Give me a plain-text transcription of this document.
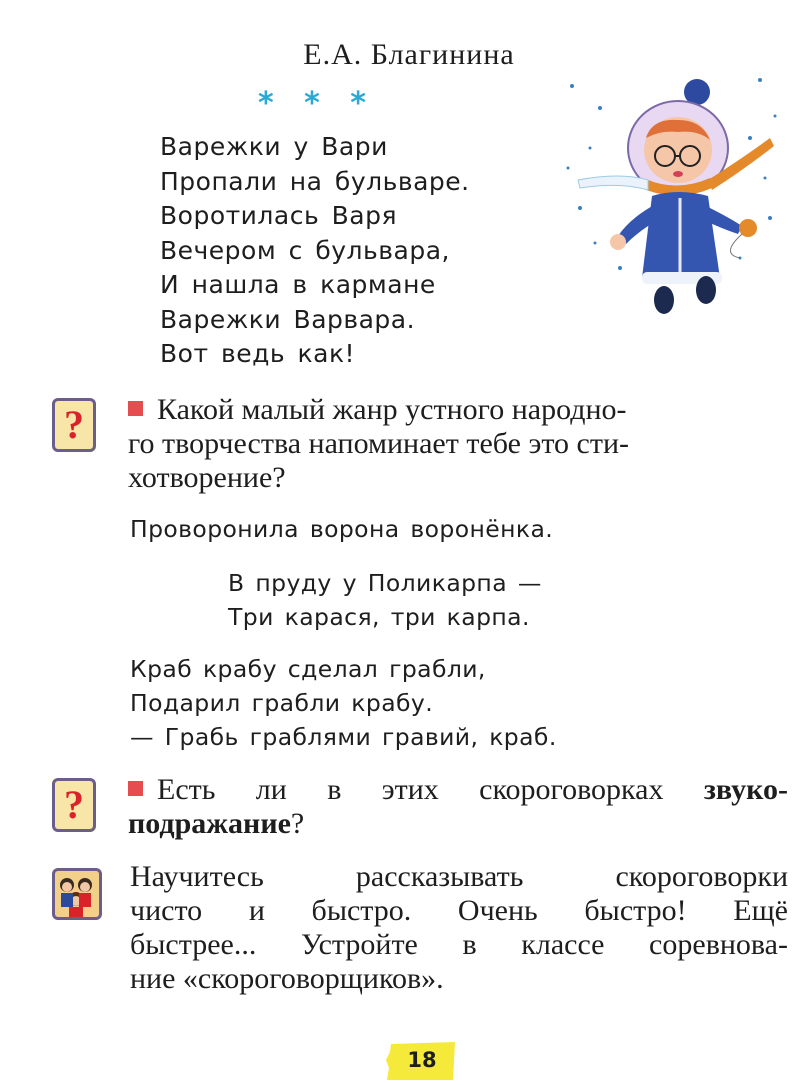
Е.А. Благинина
* * *
Варежки у Вари
Пропали на бульваре.
Воротилась Варя
Вечером с бульвара,
И нашла в кармане
Варежки Варвара.
Вот ведь как!
?	Какой малый жанр устного народно-
го творчества напоминает тебе это сти-
хотворение?
Проворонила ворона воронёнка.
В пруду у Поликарпа —
Три карася, три карпа.
Краб крабу сделал грабли,
Подарил грабли крабу.
— Грабь граблями гравий, краб.
?	Есть ли в этих скороговорках звуко-
подражание?
Научитесь рассказывать скороговорки
чисто и быстро. Очень быстро! Ещё
быстрее... Устройте в классе соревнова-
ние «скороговорщиков».
18
